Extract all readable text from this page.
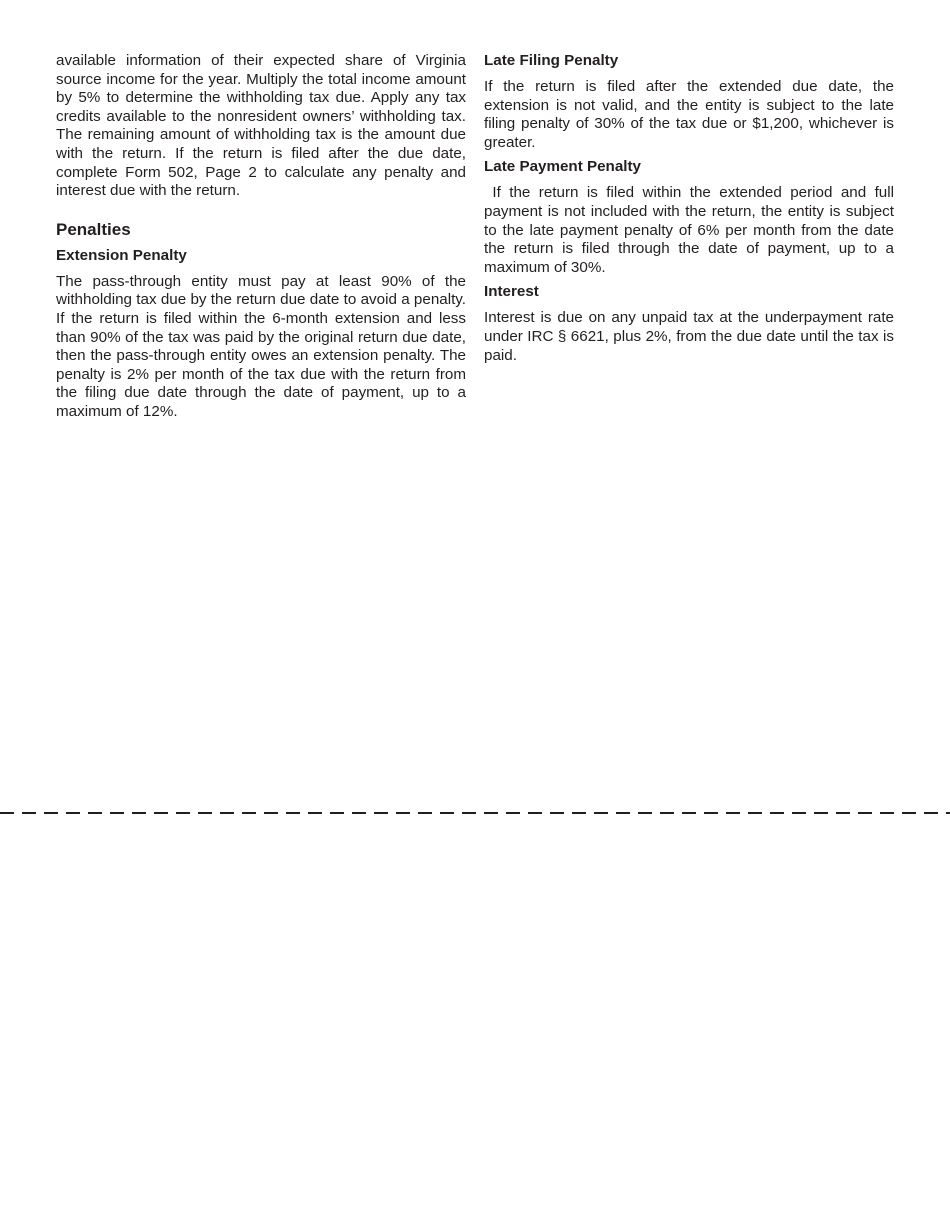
available information of their expected share of Virginia source income for the year. Multiply the total income amount by 5% to determine the withholding tax due. Apply any tax credits available to the nonresident owners’ withholding tax. The remaining amount of withholding tax is the amount due with the return. If the return is filed after the due date, complete Form 502, Page 2 to calculate any penalty and interest due with the return.

Penalties
Extension Penalty

The pass-through entity must pay at least 90% of the withholding tax due by the return due date to avoid a penalty. If the return is filed within the 6-month extension and less than 90% of the tax was paid by the original return due date, then the pass-through entity owes an extension penalty. The penalty is 2% per month of the tax due with the return from the filing due date through the date of payment, up to a maximum of 12%.

Late Filing Penalty

If the return is filed after the extended due date, the extension is not valid, and the entity is subject to the late filing penalty of 30% of the tax due or $1,200, whichever is greater.

Late Payment Penalty

If the return is filed within the extended period and full payment is not included with the return, the entity is subject to the late payment penalty of 6% per month from the date the return is filed through the date of payment, up to a maximum of 30%.

Interest

Interest is due on any unpaid tax at the underpayment rate under IRC § 6621, plus 2%, from the due date until the tax is paid.
